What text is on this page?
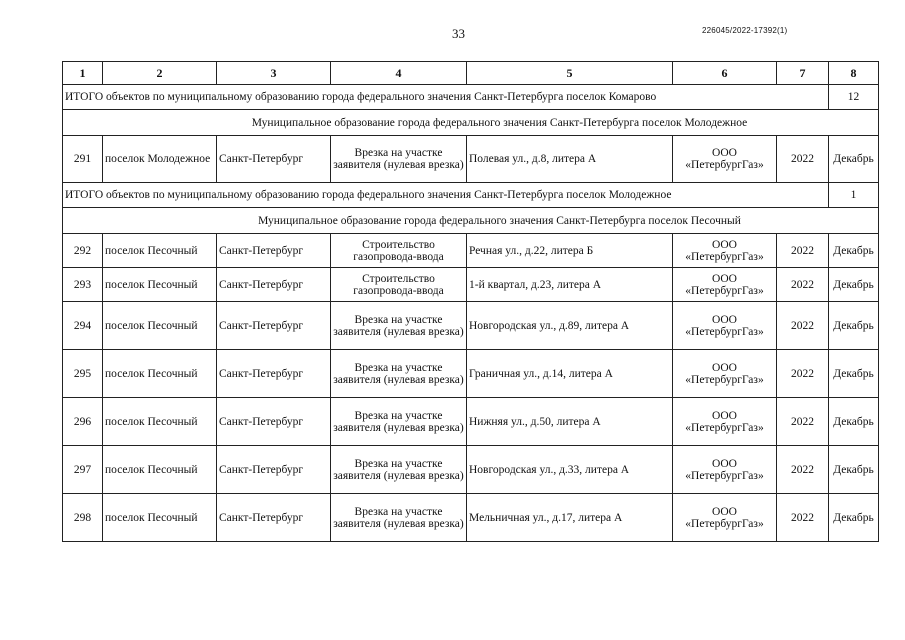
33	226045/2022-17392(1)
1	2	3	4	5	6	7	8
ИТОГО объектов по муниципальному образованию города федерального значения Санкт-Петербурга поселок Комарово							12
Муниципальное образование города федерального значения Санкт-Петербурга поселок Молодежное							
291	поселок Молодежное	Санкт-Петербург	Врезка на участке заявителя (нулевая врезка)	Полевая ул., д.8, литера А	ООО «ПетербургГаз»	2022	Декабрь
ИТОГО объектов по муниципальному образованию города федерального значения Санкт-Петербурга поселок Молодежное							1
Муниципальное образование города федерального значения Санкт-Петербурга поселок Песочный							
292	поселок Песочный	Санкт-Петербург	Строительство газопровода-ввода	Речная ул., д.22, литера Б	ООО «ПетербургГаз»	2022	Декабрь
293	поселок Песочный	Санкт-Петербург	Строительство газопровода-ввода	1-й квартал, д.23, литера А	ООО «ПетербургГаз»	2022	Декабрь
294	поселок Песочный	Санкт-Петербург	Врезка на участке заявителя (нулевая врезка)	Новгородская ул., д.89, литера А	ООО «ПетербургГаз»	2022	Декабрь
295	поселок Песочный	Санкт-Петербург	Врезка на участке заявителя (нулевая врезка)	Граничная ул., д.14, литера А	ООО «ПетербургГаз»	2022	Декабрь
296	поселок Песочный	Санкт-Петербург	Врезка на участке заявителя (нулевая врезка)	Нижняя ул., д.50, литера А	ООО «ПетербургГаз»	2022	Декабрь
297	поселок Песочный	Санкт-Петербург	Врезка на участке заявителя (нулевая врезка)	Новгородская ул., д.33, литера А	ООО «ПетербургГаз»	2022	Декабрь
298	поселок Песочный	Санкт-Петербург	Врезка на участке заявителя (нулевая врезка)	Мельничная ул., д.17, литера А	ООО «ПетербургГаз»	2022	Декабрь
